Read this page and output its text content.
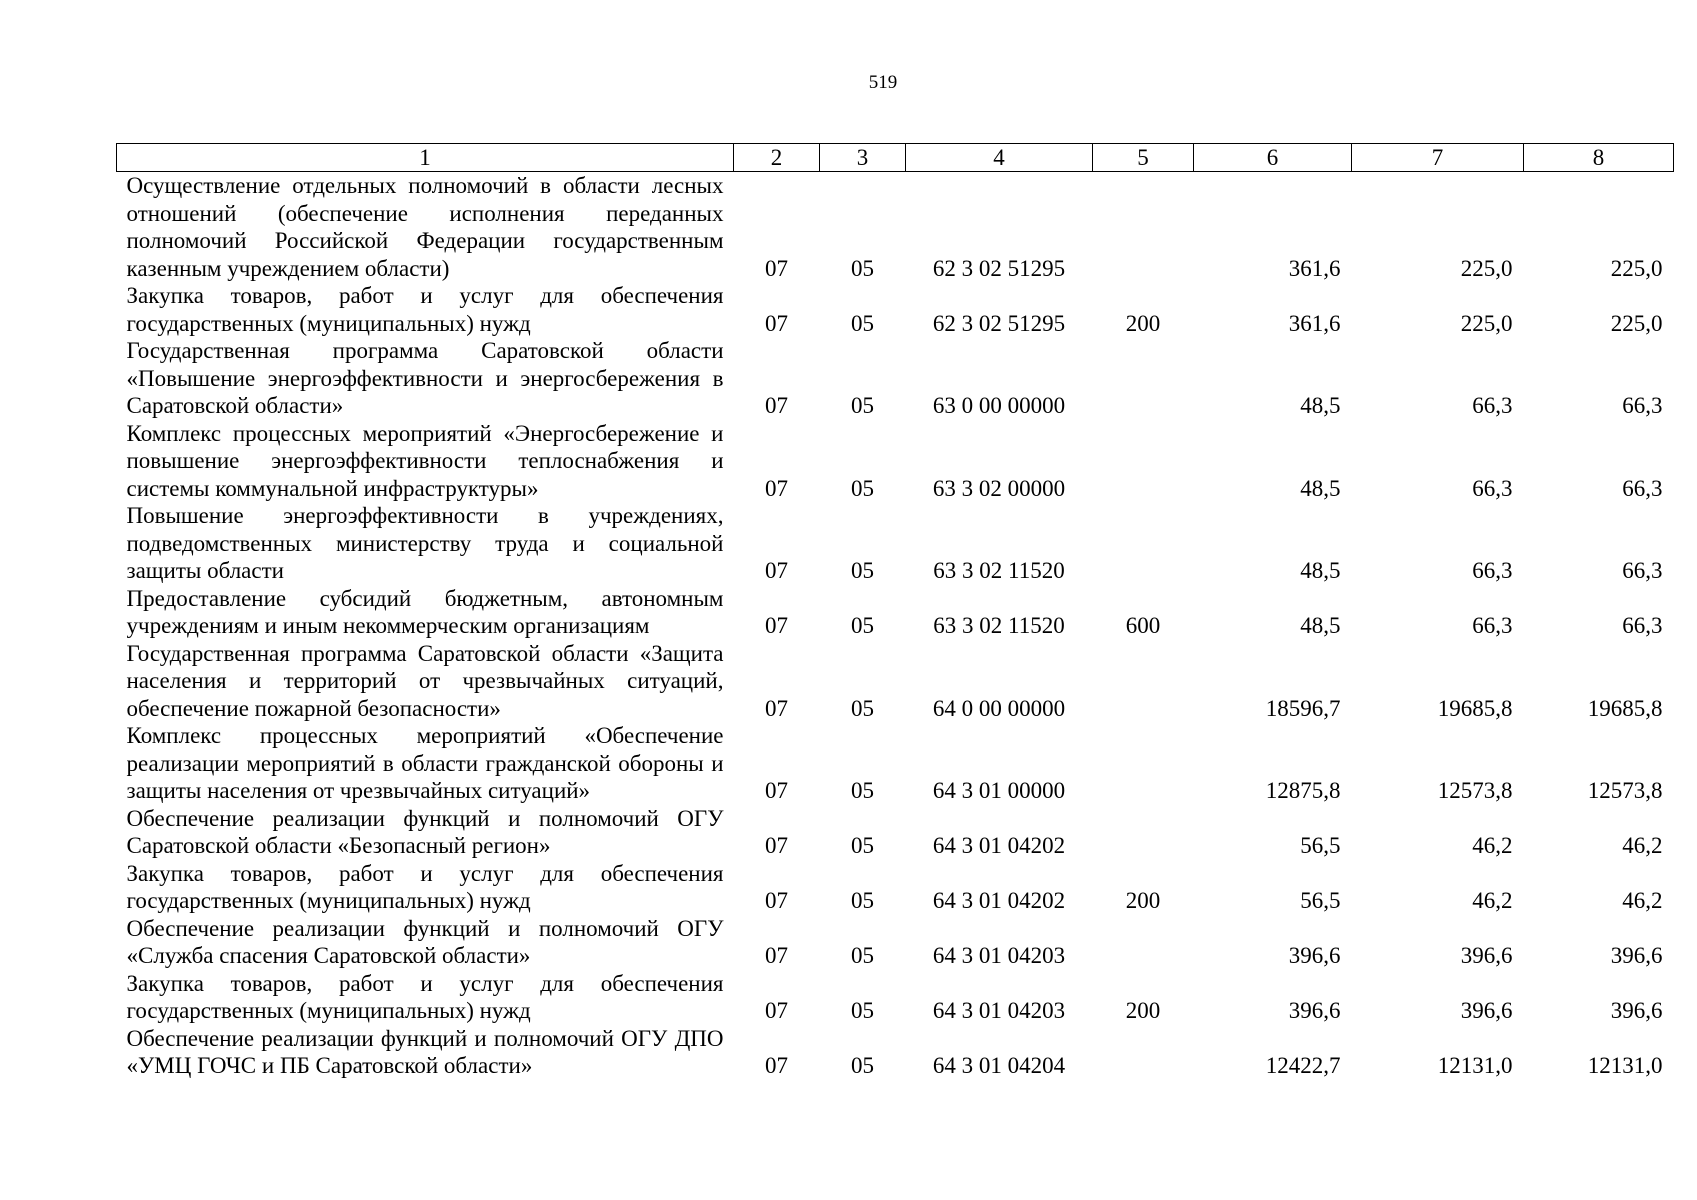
519
1	2	3	4	5	6	7	8
Осуществление отдельных полномочий в области лесных отношений (обеспечение исполнения переданных полномочий Российской Федерации государственным казенным учреждением области)	07	05	62 3 02 51295		361,6	225,0	225,0
Закупка товаров, работ и услуг для обеспечения государственных (муниципальных) нужд	07	05	62 3 02 51295	200	361,6	225,0	225,0
Государственная программа Саратовской области «Повышение энергоэффективности и энергосбережения в Саратовской области»	07	05	63 0 00 00000		48,5	66,3	66,3
Комплекс процессных мероприятий «Энергосбережение и повышение энергоэффективности теплоснабжения и системы коммунальной инфраструктуры»	07	05	63 3 02 00000		48,5	66,3	66,3
Повышение энергоэффективности в учреждениях, подведомственных министерству труда и социальной защиты области	07	05	63 3 02 11520		48,5	66,3	66,3
Предоставление субсидий бюджетным, автономным учреждениям и иным некоммерческим организациям	07	05	63 3 02 11520	600	48,5	66,3	66,3
Государственная программа Саратовской области «Защита населения и территорий от чрезвычайных ситуаций, обеспечение пожарной безопасности»	07	05	64 0 00 00000		18596,7	19685,8	19685,8
Комплекс процессных мероприятий «Обеспечение реализации мероприятий в области гражданской обороны и защиты населения от чрезвычайных ситуаций»	07	05	64 3 01 00000		12875,8	12573,8	12573,8
Обеспечение реализации функций и полномочий ОГУ Саратовской области «Безопасный регион»	07	05	64 3 01 04202		56,5	46,2	46,2
Закупка товаров, работ и услуг для обеспечения государственных (муниципальных) нужд	07	05	64 3 01 04202	200	56,5	46,2	46,2
Обеспечение реализации функций и полномочий ОГУ «Служба спасения Саратовской области»	07	05	64 3 01 04203		396,6	396,6	396,6
Закупка товаров, работ и услуг для обеспечения государственных (муниципальных) нужд	07	05	64 3 01 04203	200	396,6	396,6	396,6
Обеспечение реализации функций и полномочий ОГУ ДПО «УМЦ ГОЧС и ПБ Саратовской области»	07	05	64 3 01 04204		12422,7	12131,0	12131,0
